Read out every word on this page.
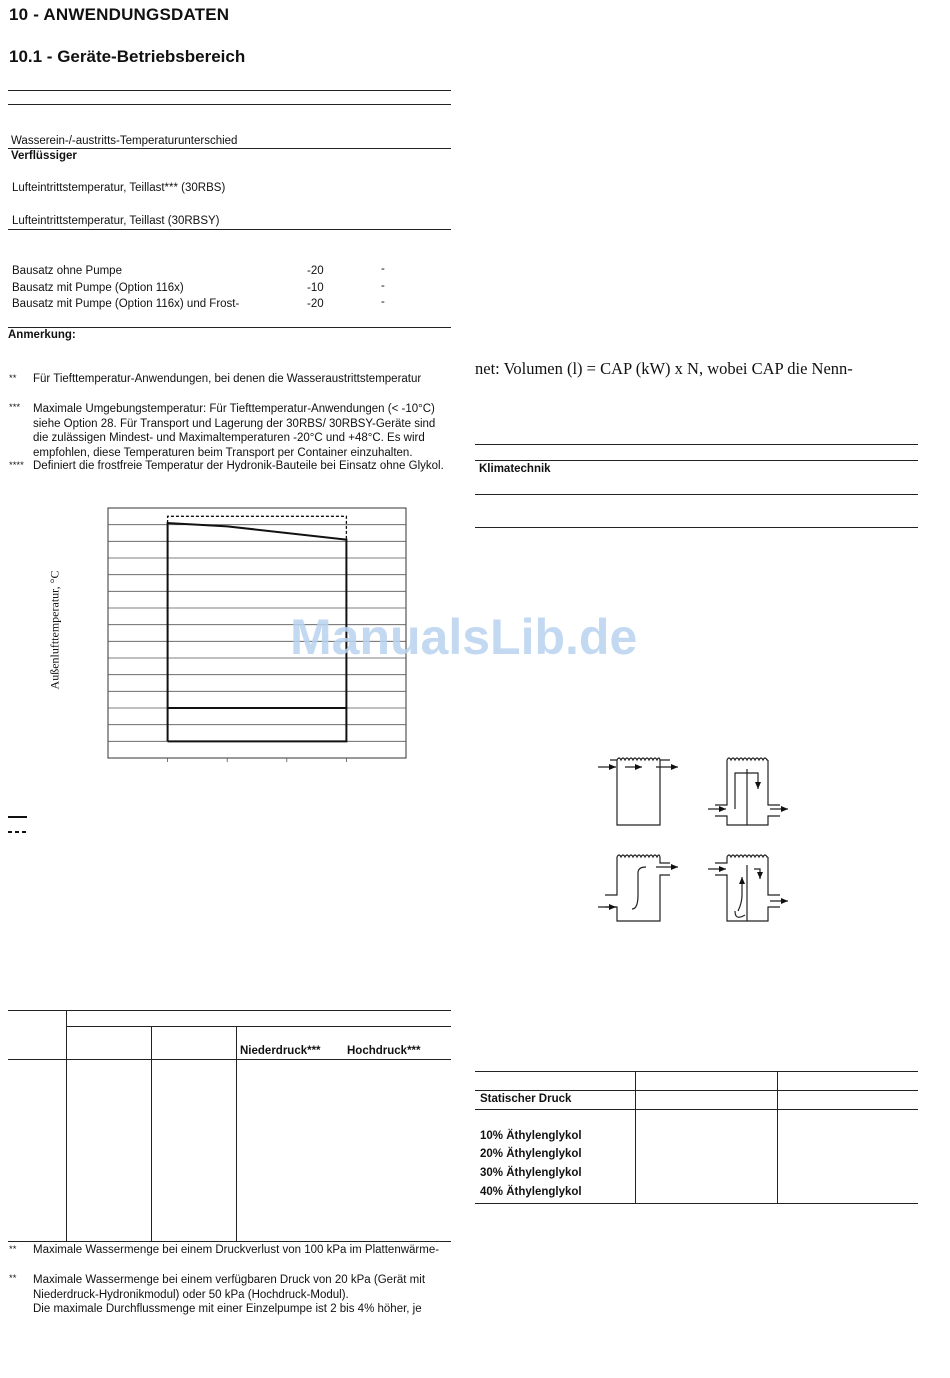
10 - ANWENDUNGSDATEN
10.1 - Geräte-Betriebsbereich
Wasserein-/-austritts-Temperaturunterschied
Verflüssiger
Lufteintrittstemperatur, Teillast*** (30RBS)
Lufteintrittstemperatur, Teillast (30RBSY)
Bausatz ohne Pumpe	-20	-
Bausatz mit Pumpe (Option 116x)	-10	-
Bausatz mit Pumpe (Option 116x) und Frost-	-20	-
Anmerkung:
** Für Tiefttemperatur-Anwendungen, bei denen die Wasseraustrittstemperatur
*** Maximale Umgebungstemperatur: Für Tiefttemperatur-Anwendungen (< -10°C)
siehe Option 28. Für Transport und Lagerung der 30RBS/ 30RBSY-Geräte sind
die zulässigen Mindest- und Maximaltemperaturen -20°C und +48°C. Es wird
empfohlen, diese Temperaturen beim Transport per Container einzuhalten.
**** Definiert die frostfreie Temperatur der Hydronik-Bauteile bei Einsatz ohne Glykol.
Außenlufttemperatur, °C
Niederdruck*** Hochdruck***
** Maximale Wassermenge bei einem Druckverlust von 100 kPa im Plattenwärme-
** Maximale Wassermenge bei einem verfügbaren Druck von 20 kPa (Gerät mit
Niederdruck-Hydronikmodul) oder 50 kPa (Hochdruck-Modul).
Die maximale Durchflussmenge mit einer Einzelpumpe ist 2 bis 4% höher, je
net: Volumen (l) = CAP (kW) x N, wobei CAP die Nenn-
Klimatechnik
Statischer Druck
10% Äthylenglykol
20% Äthylenglykol
30% Äthylenglykol
40% Äthylenglykol
ManualsLib.de
